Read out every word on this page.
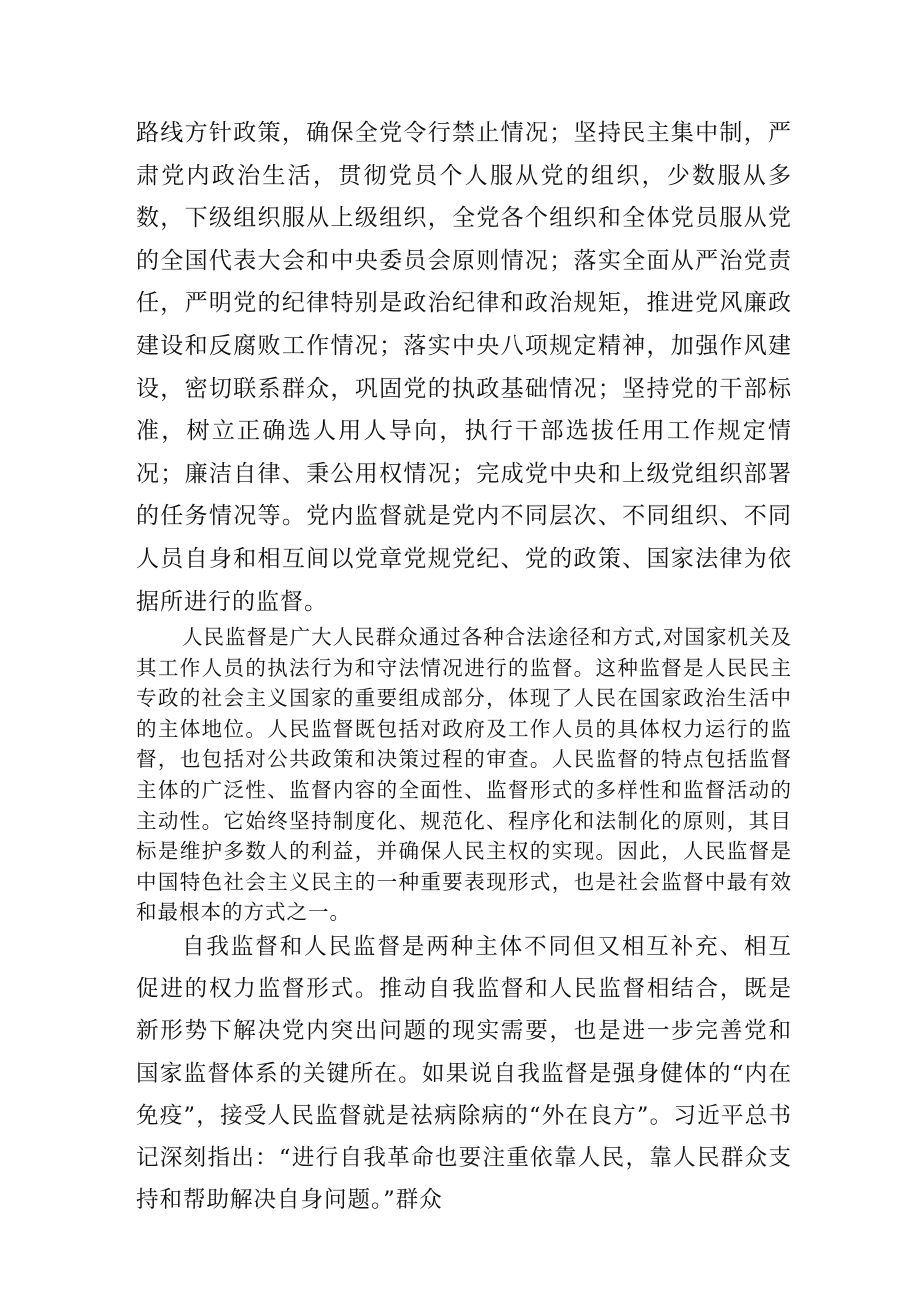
路线方针政策，确保全党令行禁止情况；坚持民主集中制，严肃党内政治生活，贯彻党员个人服从党的组织，少数服从多数，下级组织服从上级组织，全党各个组织和全体党员服从党的全国代表大会和中央委员会原则情况；落实全面从严治党责任，严明党的纪律特别是政治纪律和政治规矩，推进党风廉政建设和反腐败工作情况；落实中央八项规定精神，加强作风建设，密切联系群众，巩固党的执政基础情况；坚持党的干部标准，树立正确选人用人导向，执行干部选拔任用工作规定情况；廉洁自律、秉公用权情况；完成党中央和上级党组织部署的任务情况等。党内监督就是党内不同层次、不同组织、不同人员自身和相互间以党章党规党纪、党的政策、国家法律为依据所进行的监督。

人民监督是广大人民群众通过各种合法途径和方式,对国家机关及其工作人员的执法行为和守法情况进行的监督。这种监督是人民民主专政的社会主义国家的重要组成部分，体现了人民在国家政治生活中的主体地位。人民监督既包括对政府及工作人员的具体权力运行的监督，也包括对公共政策和决策过程的审查。人民监督的特点包括监督主体的广泛性、监督内容的全面性、监督形式的多样性和监督活动的主动性。它始终坚持制度化、规范化、程序化和法制化的原则，其目标是维护多数人的利益，并确保人民主权的实现。因此，人民监督是中国特色社会主义民主的一种重要表现形式，也是社会监督中最有效和最根本的方式之一。

自我监督和人民监督是两种主体不同但又相互补充、相互促进的权力监督形式。推动自我监督和人民监督相结合，既是新形势下解决党内突出问题的现实需要，也是进一步完善党和国家监督体系的关键所在。如果说自我监督是强身健体的“内在免疫”，接受人民监督就是祛病除病的“外在良方”。习近平总书记深刻指出：“进行自我革命也要注重依靠人民，靠人民群众支持和帮助解决自身问题。”群众
